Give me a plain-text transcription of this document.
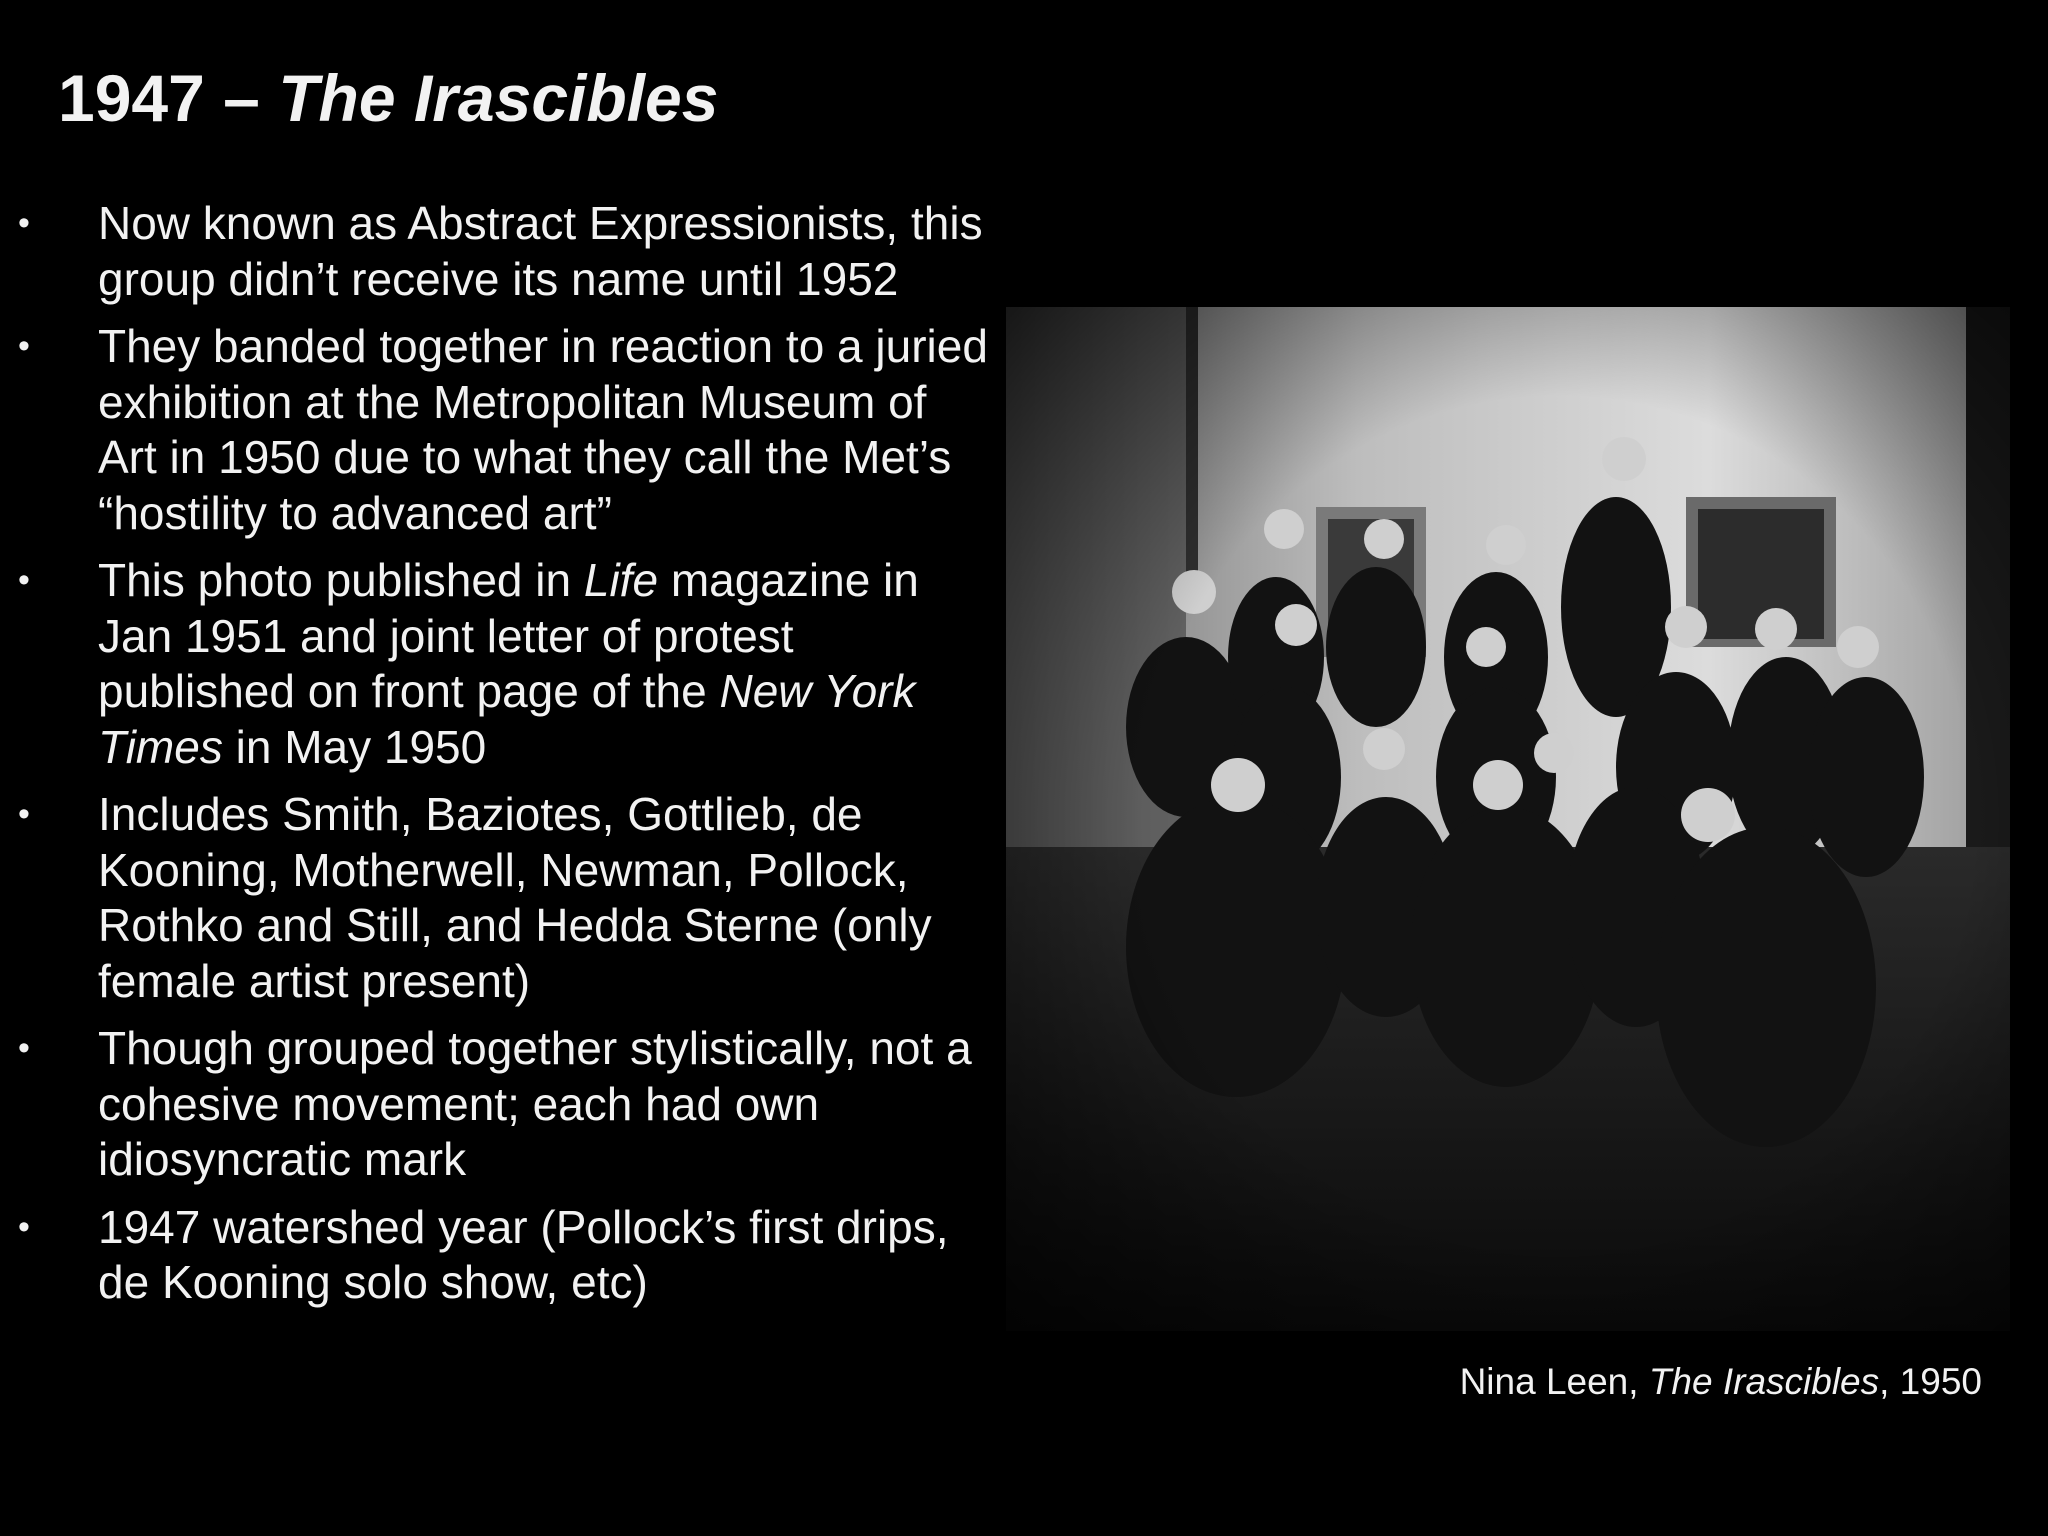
1947 – The Irascibles
• Now known as Abstract Expressionists, this group didn’t receive its name until 1952
• They banded together in reaction to a juried exhibition at the Metropolitan Museum of Art in 1950 due to what they call the Met’s “hostility to advanced art”
• This photo published in Life magazine in Jan 1951 and joint letter of protest published on front page of the New York Times in May 1950
• Includes Smith, Baziotes, Gottlieb, de Kooning, Motherwell, Newman, Pollock, Rothko and Still, and Hedda Sterne (only female artist present)
• Though grouped together stylistically, not a cohesive movement; each had own idiosyncratic mark
• 1947 watershed year (Pollock’s first drips, de Kooning solo show, etc)
Nina Leen, The Irascibles, 1950
